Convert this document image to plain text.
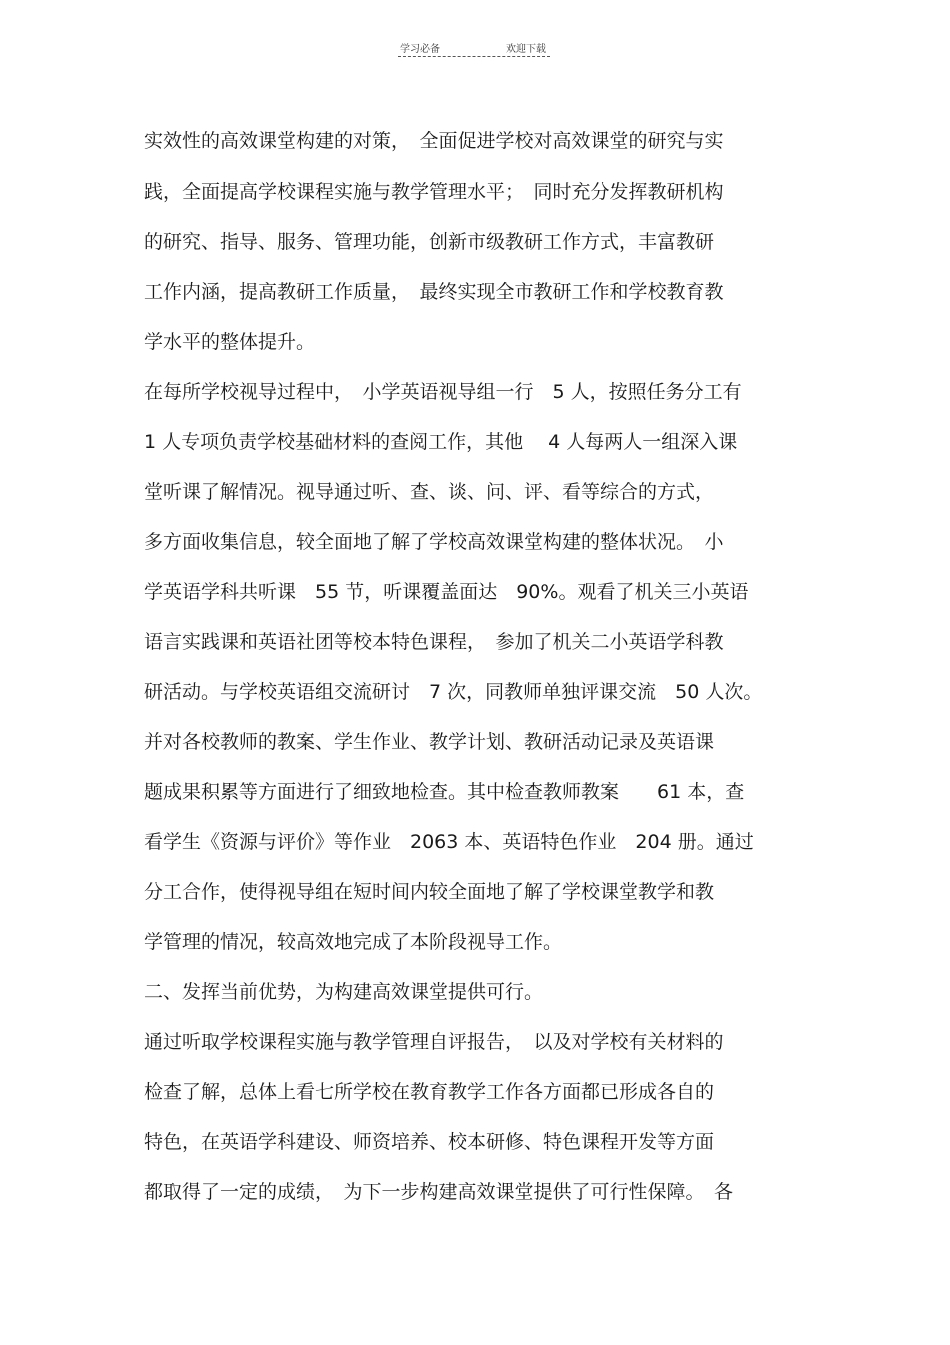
学习必备	欢迎下载
实效性的高效课堂构建的对策，　全面促进学校对高效课堂的研究与实
践，全面提高学校课程实施与教学管理水平；　同时充分发挥教研机构
的研究、指导、服务、管理功能，创新市级教研工作方式，丰富教研
工作内涵，提高教研工作质量，　最终实现全市教研工作和学校教育教
学水平的整体提升。
在每所学校视导过程中，　小学英语视导组一行　5 人，按照任务分工有
1 人专项负责学校基础材料的查阅工作，其他　 4 人每两人一组深入课
堂听课了解情况。视导通过听、查、谈、问、评、看等综合的方式，
多方面收集信息，较全面地了解了学校高效课堂构建的整体状况。　小
学英语学科共听课　55 节，听课覆盖面达　90%。观看了机关三小英语
语言实践课和英语社团等校本特色课程，　参加了机关二小英语学科教
研活动。与学校英语组交流研讨　7 次，同教师单独评课交流　50 人次。
并对各校教师的教案、学生作业、教学计划、教研活动记录及英语课
题成果积累等方面进行了细致地检查。其中检查教师教案　　61 本，查
看学生《资源与评价》等作业　2063 本、英语特色作业　204 册。通过
分工合作，使得视导组在短时间内较全面地了解了学校课堂教学和教
学管理的情况，较高效地完成了本阶段视导工作。
二、发挥当前优势，为构建高效课堂提供可行。
通过听取学校课程实施与教学管理自评报告，　以及对学校有关材料的
检查了解，总体上看七所学校在教育教学工作各方面都已形成各自的
特色，在英语学科建设、师资培养、校本研修、特色课程开发等方面
都取得了一定的成绩，　为下一步构建高效课堂提供了可行性保障。　各
